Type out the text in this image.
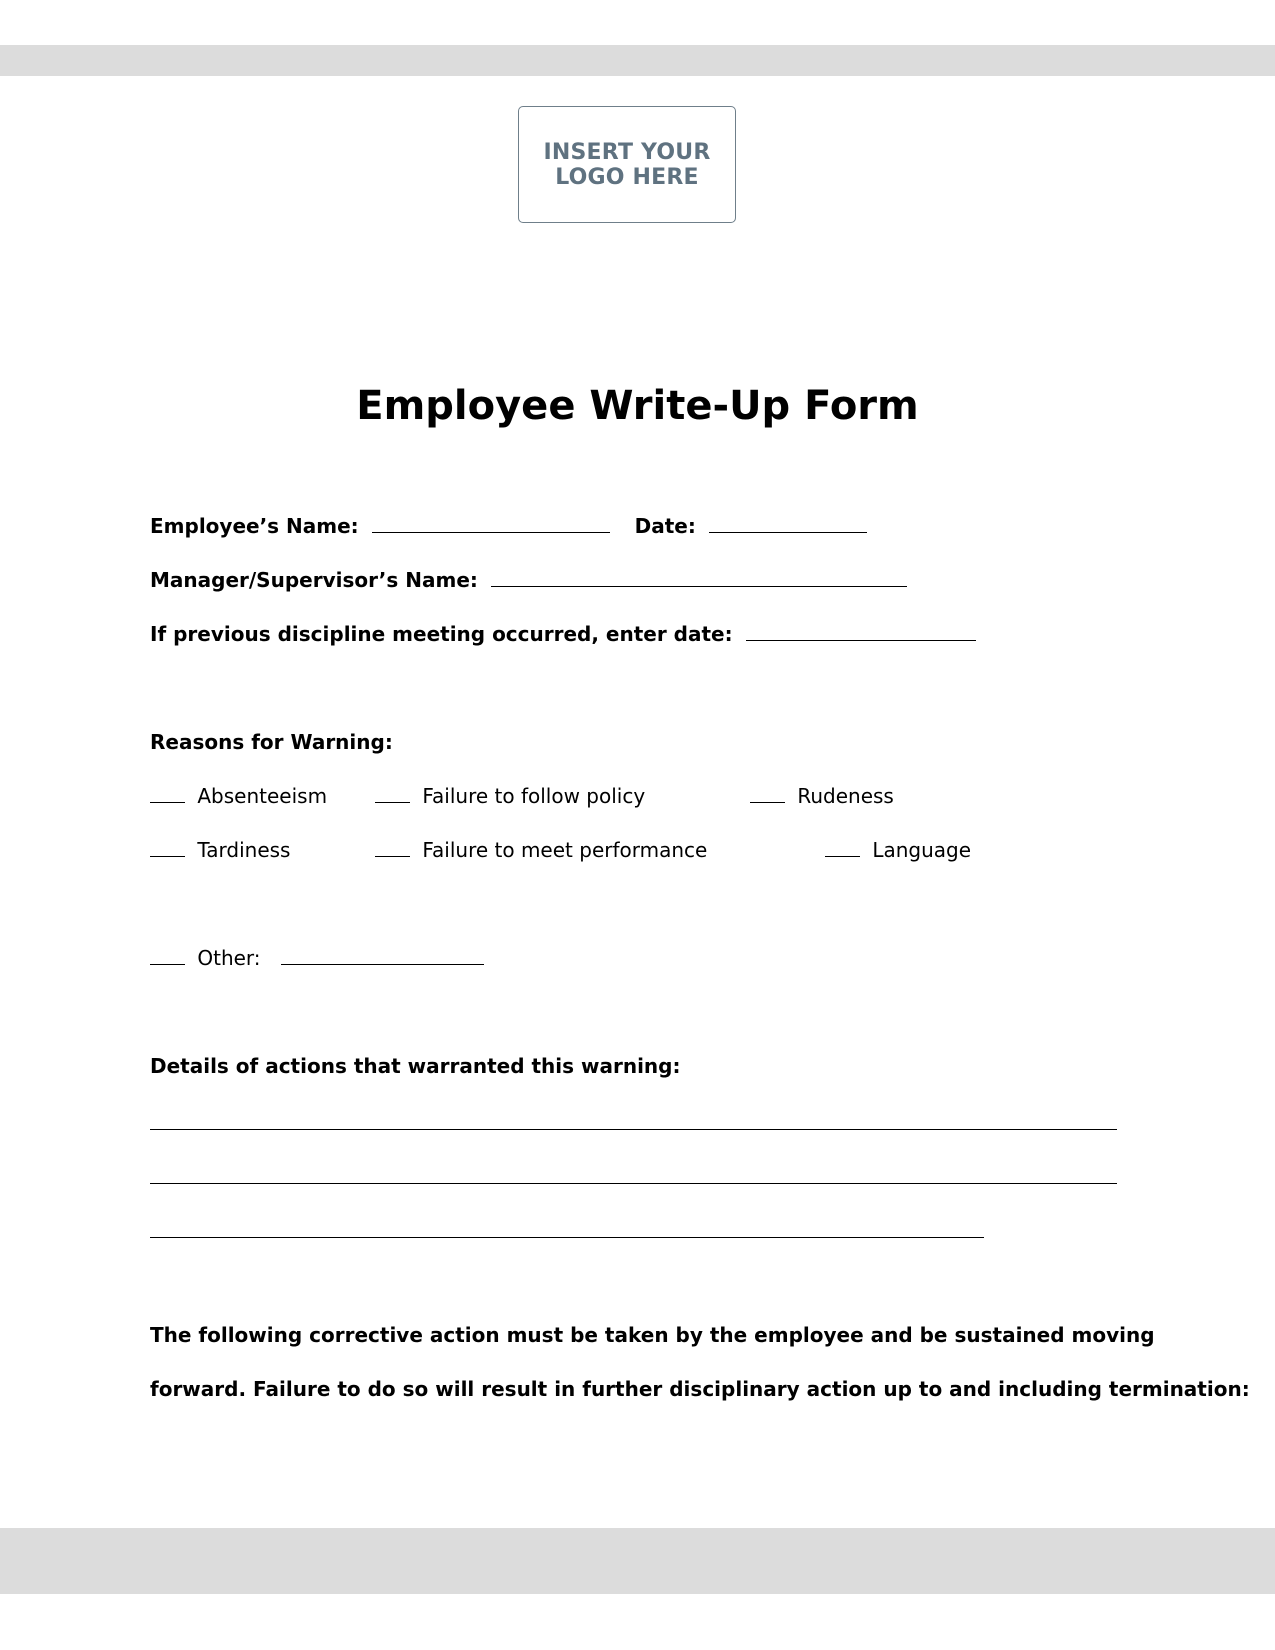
INSERT YOUR
LOGO HERE
Employee Write-Up Form
Employee’s Name:	Date:
Manager/Supervisor’s Name:
If previous discipline meeting occurred, enter date:
Reasons for Warning:
Absenteeism	Failure to follow policy	Rudeness
Tardiness	Failure to meet performance	Language
Other:
Details of actions that warranted this warning:
The following corrective action must be taken by the employee and be sustained moving
forward. Failure to do so will result in further disciplinary action up to and including termination:
